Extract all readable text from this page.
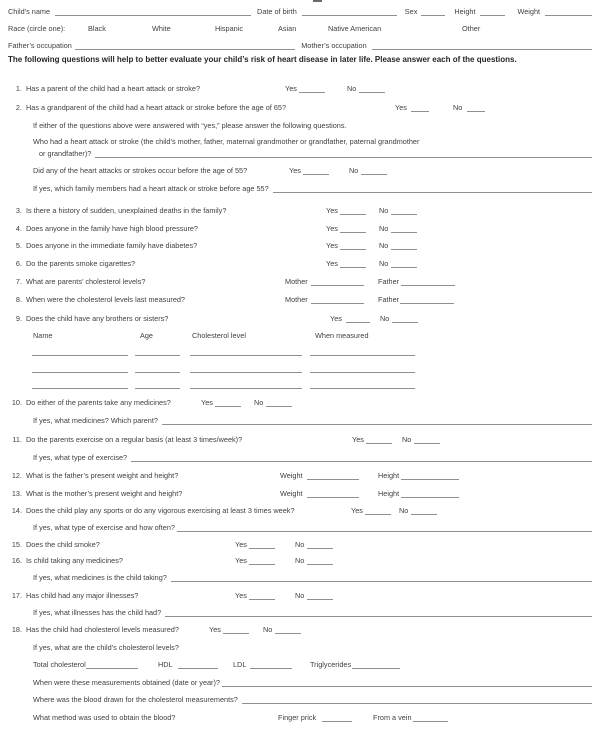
Child’s name	Date of birth	Sex	Height	Weight
Race (circle one):	Black	White	Hispanic	Asian	Native American	Other
Father’s occupation	Mother’s occupation
The following questions will help to better evaluate your child’s risk of heart disease in later life. Please answer each of the questions.
1. Has a parent of the child had a heart attack or stroke?	Yes	No
2. Has a grandparent of the child had a heart attack or stroke before the age of 65?	Yes	No
If either of the questions above were answered with “yes,” please answer the following questions.
Who had a heart attack or stroke (the child’s mother, father, maternal grandmother or grandfather, paternal grandmother
or grandfather)?
Did any of the heart attacks or strokes occur before the age of 55?	Yes	No
If yes, which family members had a heart attack or stroke before age 55?
3. Is there a history of sudden, unexplained deaths in the family?	Yes	No
4. Does anyone in the family have high blood pressure?	Yes	No
5. Does anyone in the immediate family have diabetes?	Yes	No
6. Do the parents smoke cigarettes?	Yes	No
7. What are parents’ cholesterol levels?	Mother	Father
8. When were the cholesterol levels last measured?	Mother	Father
9. Does the child have any brothers or sisters?	Yes	No
Name	Age	Cholesterol level	When measured
10. Do either of the parents take any medicines?	Yes	No
If yes, what medicines? Which parent?
11. Do the parents exercise on a regular basis (at least 3 times/week)?	Yes	No
If yes, what type of exercise?
12. What is the father’s present weight and height?	Weight	Height
13. What is the mother’s present weight and height?	Weight	Height
14. Does the child play any sports or do any vigorous exercising at least 3 times week?	Yes	No
If yes, what type of exercise and how often?
15. Does the child smoke?	Yes	No
16. Is child taking any medicines?	Yes	No
If yes, what medicines is the child taking?
17. Has child had any major illnesses?	Yes	No
If yes, what illnesses has the child had?
18. Has the child had cholesterol levels measured?	Yes	No
If yes, what are the child’s cholesterol levels?
Total cholesterol	HDL	LDL	Triglycerides
When were these measurements obtained (date or year)?
Where was the blood drawn for the cholesterol measurements?
What method was used to obtain the blood?	Finger prick	From a vein
